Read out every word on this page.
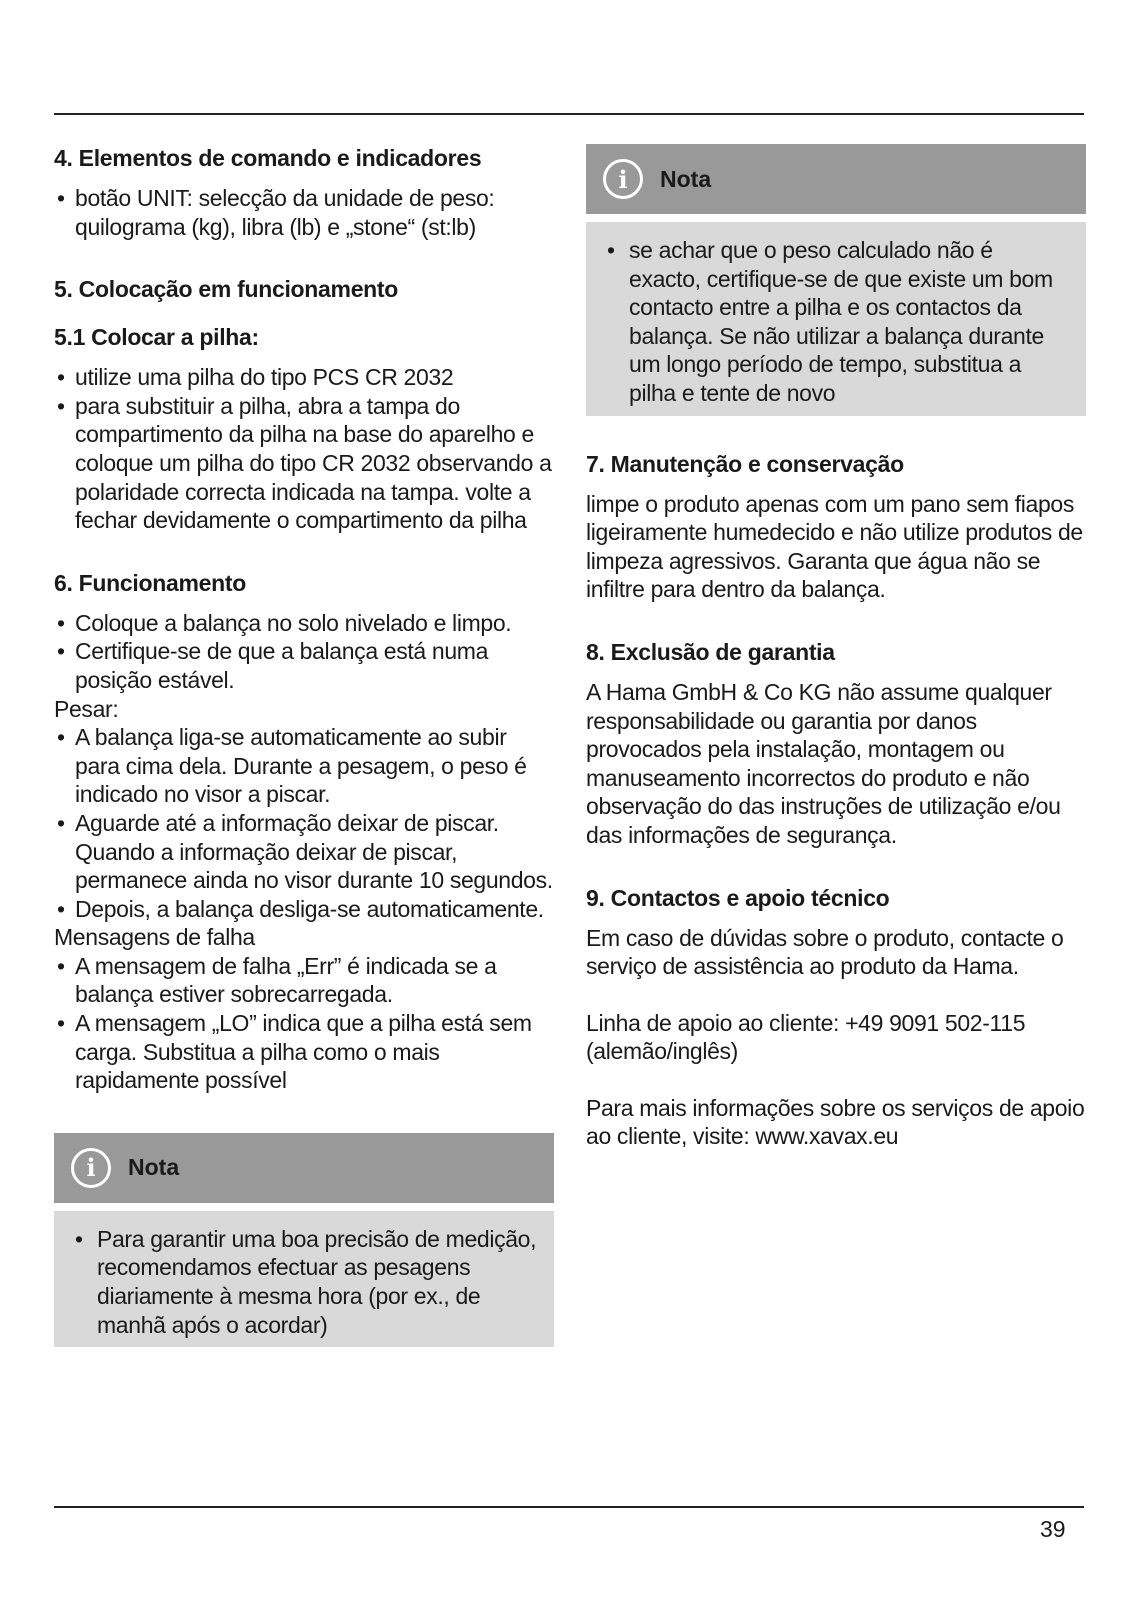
4. Elementos de comando e indicadores
• botão UNIT: selecção da unidade de peso: quilograma (kg), libra (lb) e „stone“ (st:lb)
5. Colocação em funcionamento
5.1 Colocar a pilha:
• utilize uma pilha do tipo PCS CR 2032
• para substituir a pilha, abra a tampa do compartimento da pilha na base do aparelho e coloque um pilha do tipo CR 2032 observando a polaridade correcta indicada na tampa. volte a fechar devidamente o compartimento da pilha
6. Funcionamento
• Coloque a balança no solo nivelado e limpo.
• Certifique-se de que a balança está numa posição estável.

Pesar:

• A balança liga-se automaticamente ao subir para cima dela. Durante a pesagem, o peso é indicado no visor a piscar.
• Aguarde até a informação deixar de piscar. Quando a informação deixar de piscar, permanece ainda no visor durante 10 segundos.
• Depois, a balança desliga-se automaticamente.

Mensagens de falha

• A mensagem de falha „Err” é indicada se a balança estiver sobrecarregada.
• A mensagem „LO” indica que a pilha está sem carga. Substitua a pilha como o mais rapidamente possível
i	Nota
• Para garantir uma boa precisão de medição, recomendamos efectuar as pesagens diariamente à mesma hora (por ex., de manhã após o acordar)
i	Nota
• se achar que o peso calculado não é exacto, certifique-se de que existe um bom contacto entre a pilha e os contactos da balança. Se não utilizar a balança durante um longo período de tempo, substitua a pilha e tente de novo
7. Manutenção e conservação

limpe o produto apenas com um pano sem fiapos ligeiramente humedecido e não utilize produtos de limpeza agressivos. Garanta que água não se infiltre para dentro da balança.

8. Exclusão de garantia

A Hama GmbH & Co KG não assume qualquer responsabilidade ou garantia por danos provocados pela instalação, montagem ou manuseamento incorrectos do produto e não observação do das instruções de utilização e/ou das informações de segurança.

9. Contactos e apoio técnico

Em caso de dúvidas sobre o produto, contacte o serviço de assistência ao produto da Hama.

Linha de apoio ao cliente: +49 9091 502-115 (alemão/inglês)

Para mais informações sobre os serviços de apoio ao cliente, visite: www.xavax.eu

39
